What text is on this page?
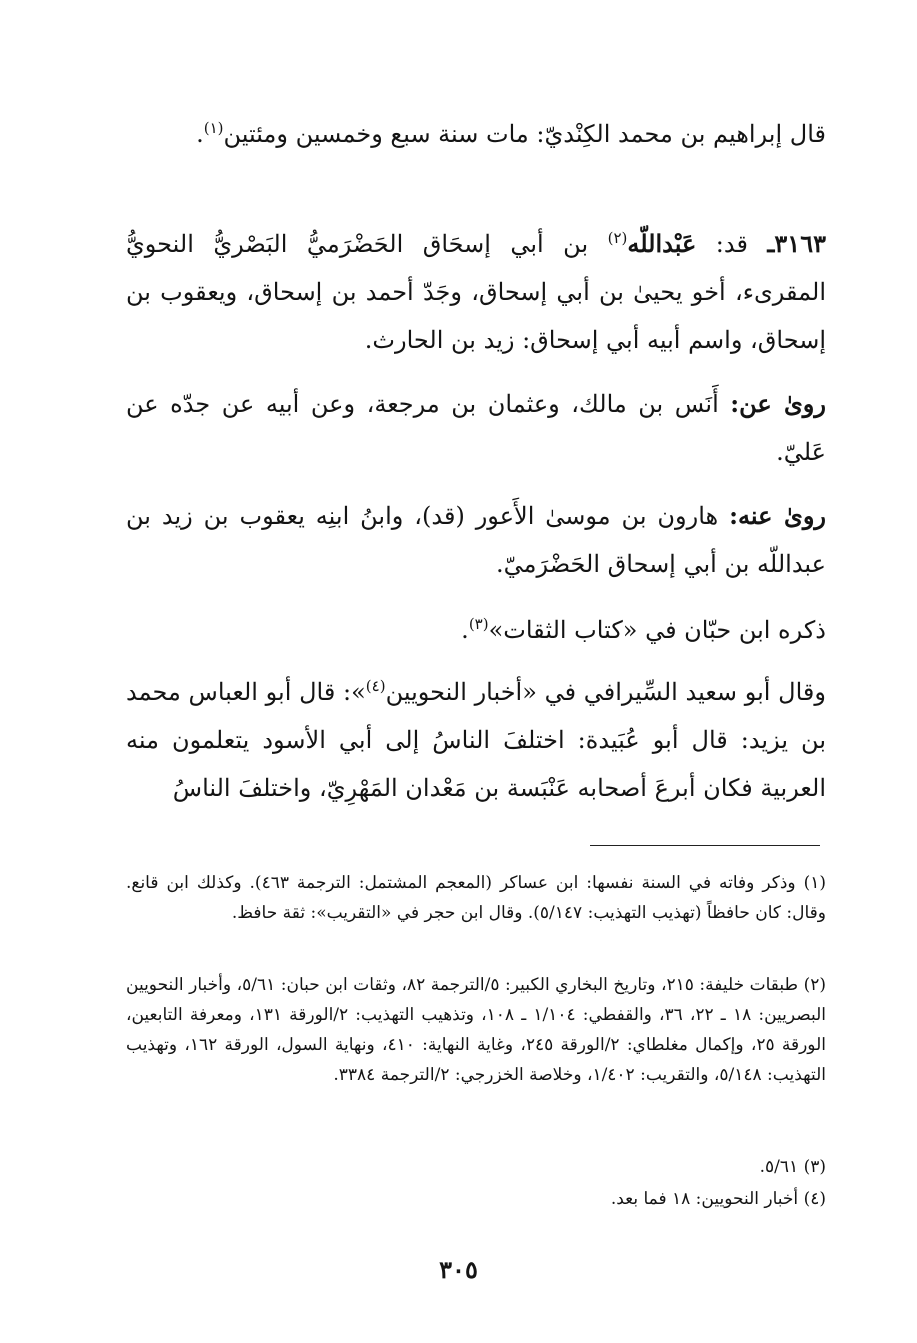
قال إبراهيم بن محمد الكِنْديّ: مات سنة سبع وخمسين ومئتين$^{(١)}$.
٣١٦٣ـ قد: عَبْداللّه$^{(٢)}$ بن أبي إسحَاق الحَضْرَميُّ البَصْريُّ النحويُّ المقرىء، أخو يحيىٰ بن أبي إسحاق، وجَدّ أحمد بن إسحاق، ويعقوب بن إسحاق، واسم أبيه أبي إسحاق: زيد بن الحارث.
روىٰ عن: أَنَس بن مالك، وعثمان بن مرجعة، وعن أبيه عن جدّه عن عَليّ.
روىٰ عنه: هارون بن موسىٰ الأَعور (قد)، وابنُ ابنِه يعقوب بن زيد بن عبداللّه بن أبي إسحاق الحَضْرَميّ.
ذكره ابن حبّان في «كتاب الثقات»$^{(٣)}$.
وقال أبو سعيد السِّيرافي في «أخبار النحويين$^{(٤)}$»: قال أبو العباس محمد بن يزيد: قال أبو عُبَيدة: اختلفَ الناسُ إلى أبي الأسود يتعلمون منه العربية فكان أبرعَ أصحابه عَنْبَسة بن مَعْدان المَهْرِيّ، واختلفَ الناسُ
(١) وذكر وفاته في السنة نفسها: ابن عساكر (المعجم المشتمل: الترجمة ٤٦٣). وكذلك ابن قانع. وقال: كان حافظاً (تهذيب التهذيب: ٥/١٤٧). وقال ابن حجر في «التقريب»: ثقة حافظ.
(٢) طبقات خليفة: ٢١٥، وتاريخ البخاري الكبير: ٥/الترجمة ٨٢، وثقات ابن حبان: ٥/٦١، وأخبار النحويين البصريين: ١٨ ـ ٢٢، ٣٦، والقفطي: ١/١٠٤ ـ ١٠٨، وتذهيب التهذيب: ٢/الورقة ١٣١، ومعرفة التابعين، الورقة ٢٥، وإكمال مغلطاي: ٢/الورقة ٢٤٥، وغاية النهاية: ٤١٠، ونهاية السول، الورقة ١٦٢، وتهذيب التهذيب: ٥/١٤٨، والتقريب: ١/٤٠٢، وخلاصة الخزرجي: ٢/الترجمة ٣٣٨٤.
(٣) ٥/٦١.
(٤) أخبار النحويين: ١٨ فما بعد.
٣٠٥
